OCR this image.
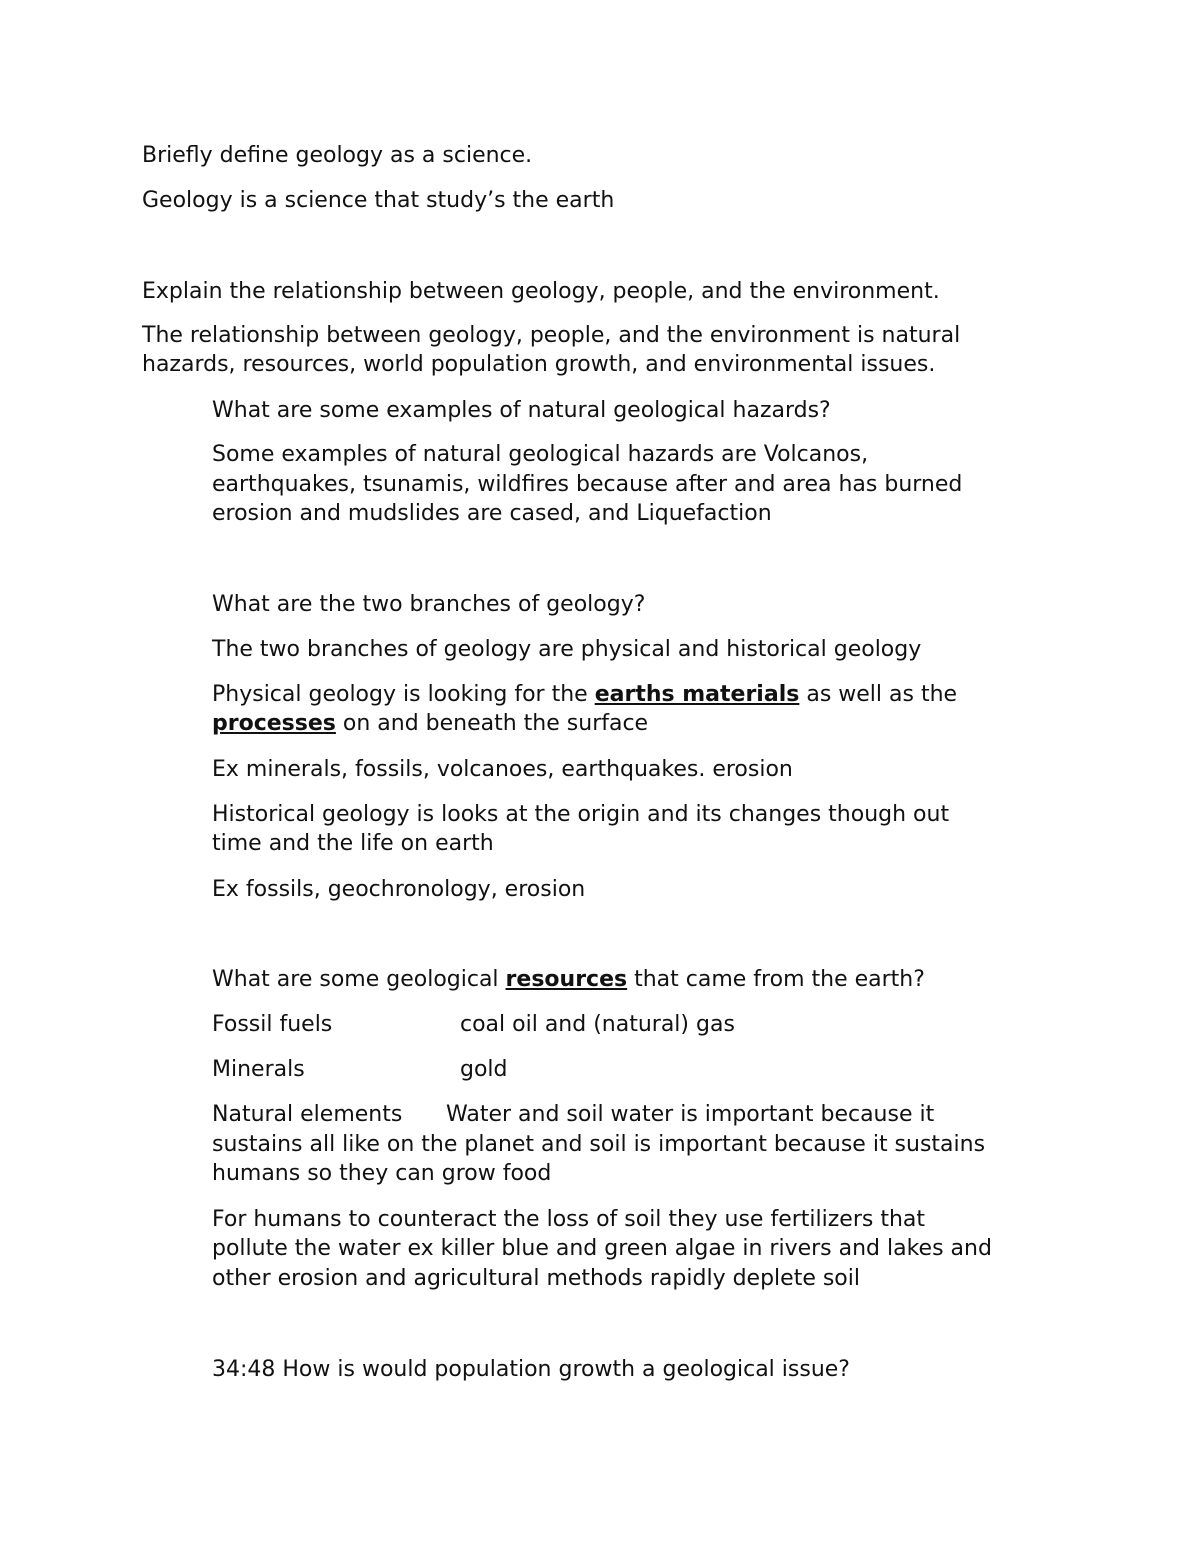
Briefly define geology as a science.

Geology is a science that study’s the earth

Explain the relationship between geology, people, and the environment.

The relationship between geology, people, and the environment is natural

hazards, resources, world population growth, and environmental issues.

What are some examples of natural geological hazards?

Some examples of natural geological hazards are Volcanos,

earthquakes, tsunamis, wildfires because after and area has burned

erosion and mudslides are cased, and Liquefaction

What are the two branches of geology?

The two branches of geology are physical and historical geology

Physical geology is looking for the earths materials as well as the

processes on and beneath the surface

Ex minerals, fossils, volcanoes, earthquakes. erosion

Historical geology is looks at the origin and its changes though out

time and the life on earth

Ex fossils, geochronology, erosion

What are some geological resources that came from the earth?

Fossil fuels	coal oil and (natural) gas
Minerals	gold
Natural elements Water and soil water is important because it

sustains all like on the planet and soil is important because it sustains

humans so they can grow food

For humans to counteract the loss of soil they use fertilizers that

pollute the water ex killer blue and green algae in rivers and lakes and

other erosion and agricultural methods rapidly deplete soil

34:48 How is would population growth a geological issue?
